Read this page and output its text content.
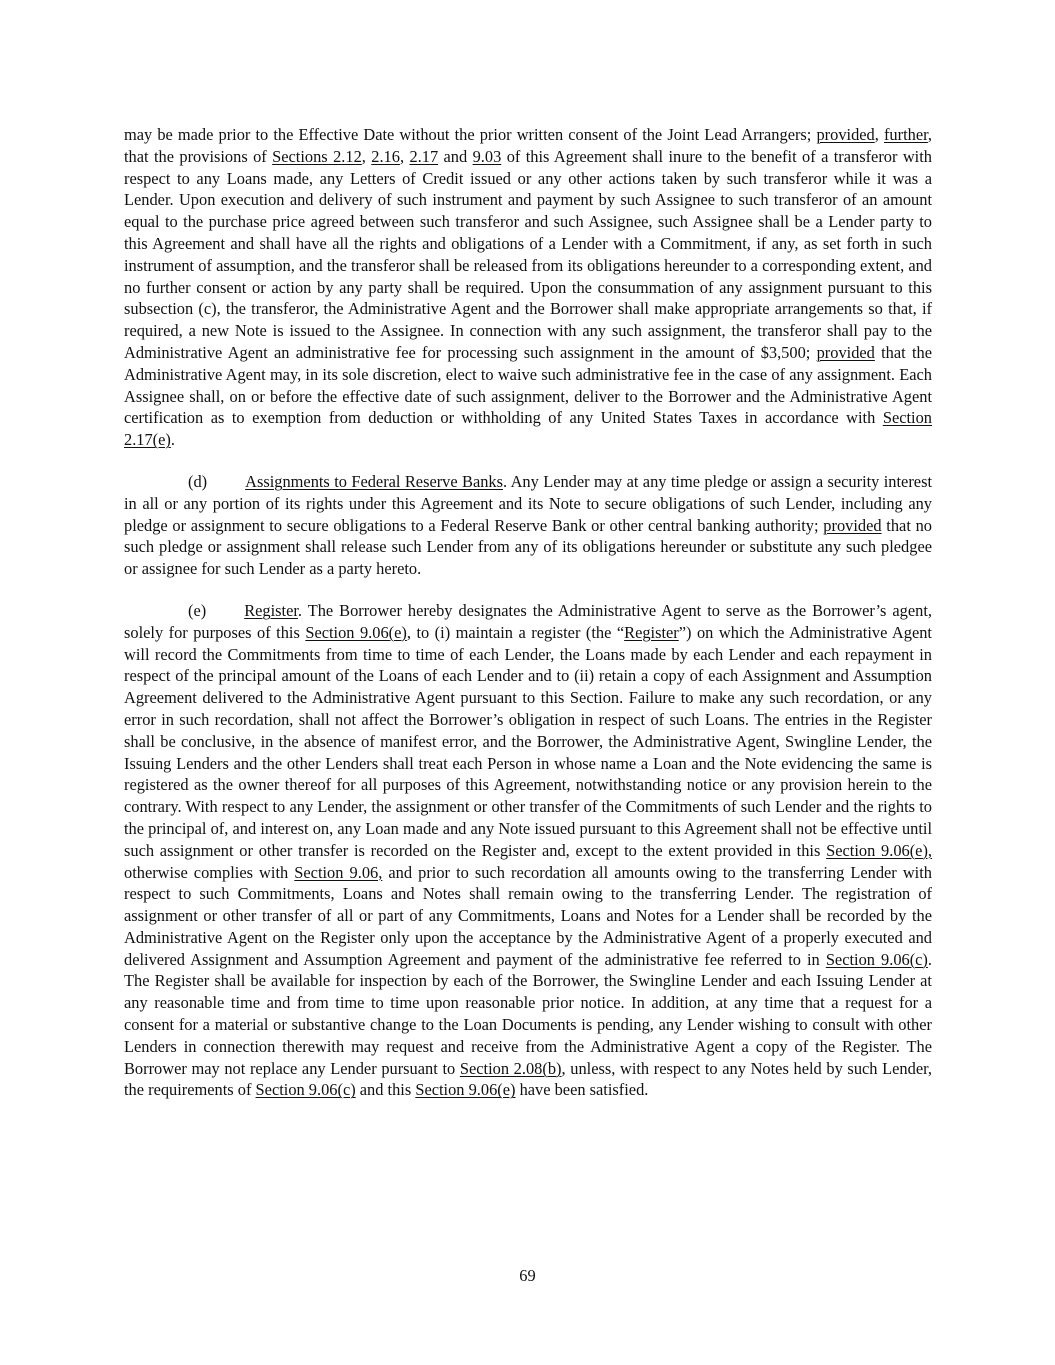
may be made prior to the Effective Date without the prior written consent of the Joint Lead Arrangers; provided, further, that the provisions of Sections 2.12, 2.16, 2.17 and 9.03 of this Agreement shall inure to the benefit of a transferor with respect to any Loans made, any Letters of Credit issued or any other actions taken by such transferor while it was a Lender. Upon execution and delivery of such instrument and payment by such Assignee to such transferor of an amount equal to the purchase price agreed between such transferor and such Assignee, such Assignee shall be a Lender party to this Agreement and shall have all the rights and obligations of a Lender with a Commitment, if any, as set forth in such instrument of assumption, and the transferor shall be released from its obligations hereunder to a corresponding extent, and no further consent or action by any party shall be required. Upon the consummation of any assignment pursuant to this subsection (c), the transferor, the Administrative Agent and the Borrower shall make appropriate arrangements so that, if required, a new Note is issued to the Assignee. In connection with any such assignment, the transferor shall pay to the Administrative Agent an administrative fee for processing such assignment in the amount of $3,500; provided that the Administrative Agent may, in its sole discretion, elect to waive such administrative fee in the case of any assignment. Each Assignee shall, on or before the effective date of such assignment, deliver to the Borrower and the Administrative Agent certification as to exemption from deduction or withholding of any United States Taxes in accordance with Section 2.17(e).

(d) Assignments to Federal Reserve Banks. Any Lender may at any time pledge or assign a security interest in all or any portion of its rights under this Agreement and its Note to secure obligations of such Lender, including any pledge or assignment to secure obligations to a Federal Reserve Bank or other central banking authority; provided that no such pledge or assignment shall release such Lender from any of its obligations hereunder or substitute any such pledgee or assignee for such Lender as a party hereto.

(e) Register. The Borrower hereby designates the Administrative Agent to serve as the Borrower’s agent, solely for purposes of this Section 9.06(e), to (i) maintain a register (the “Register”) on which the Administrative Agent will record the Commitments from time to time of each Lender, the Loans made by each Lender and each repayment in respect of the principal amount of the Loans of each Lender and to (ii) retain a copy of each Assignment and Assumption Agreement delivered to the Administrative Agent pursuant to this Section. Failure to make any such recordation, or any error in such recordation, shall not affect the Borrower’s obligation in respect of such Loans. The entries in the Register shall be conclusive, in the absence of manifest error, and the Borrower, the Administrative Agent, Swingline Lender, the Issuing Lenders and the other Lenders shall treat each Person in whose name a Loan and the Note evidencing the same is registered as the owner thereof for all purposes of this Agreement, notwithstanding notice or any provision herein to the contrary. With respect to any Lender, the assignment or other transfer of the Commitments of such Lender and the rights to the principal of, and interest on, any Loan made and any Note issued pursuant to this Agreement shall not be effective until such assignment or other transfer is recorded on the Register and, except to the extent provided in this Section 9.06(e), otherwise complies with Section 9.06, and prior to such recordation all amounts owing to the transferring Lender with respect to such Commitments, Loans and Notes shall remain owing to the transferring Lender. The registration of assignment or other transfer of all or part of any Commitments, Loans and Notes for a Lender shall be recorded by the Administrative Agent on the Register only upon the acceptance by the Administrative Agent of a properly executed and delivered Assignment and Assumption Agreement and payment of the administrative fee referred to in Section 9.06(c). The Register shall be available for inspection by each of the Borrower, the Swingline Lender and each Issuing Lender at any reasonable time and from time to time upon reasonable prior notice. In addition, at any time that a request for a consent for a material or substantive change to the Loan Documents is pending, any Lender wishing to consult with other Lenders in connection therewith may request and receive from the Administrative Agent a copy of the Register. The Borrower may not replace any Lender pursuant to Section 2.08(b), unless, with respect to any Notes held by such Lender, the requirements of Section 9.06(c) and this Section 9.06(e) have been satisfied.

69
